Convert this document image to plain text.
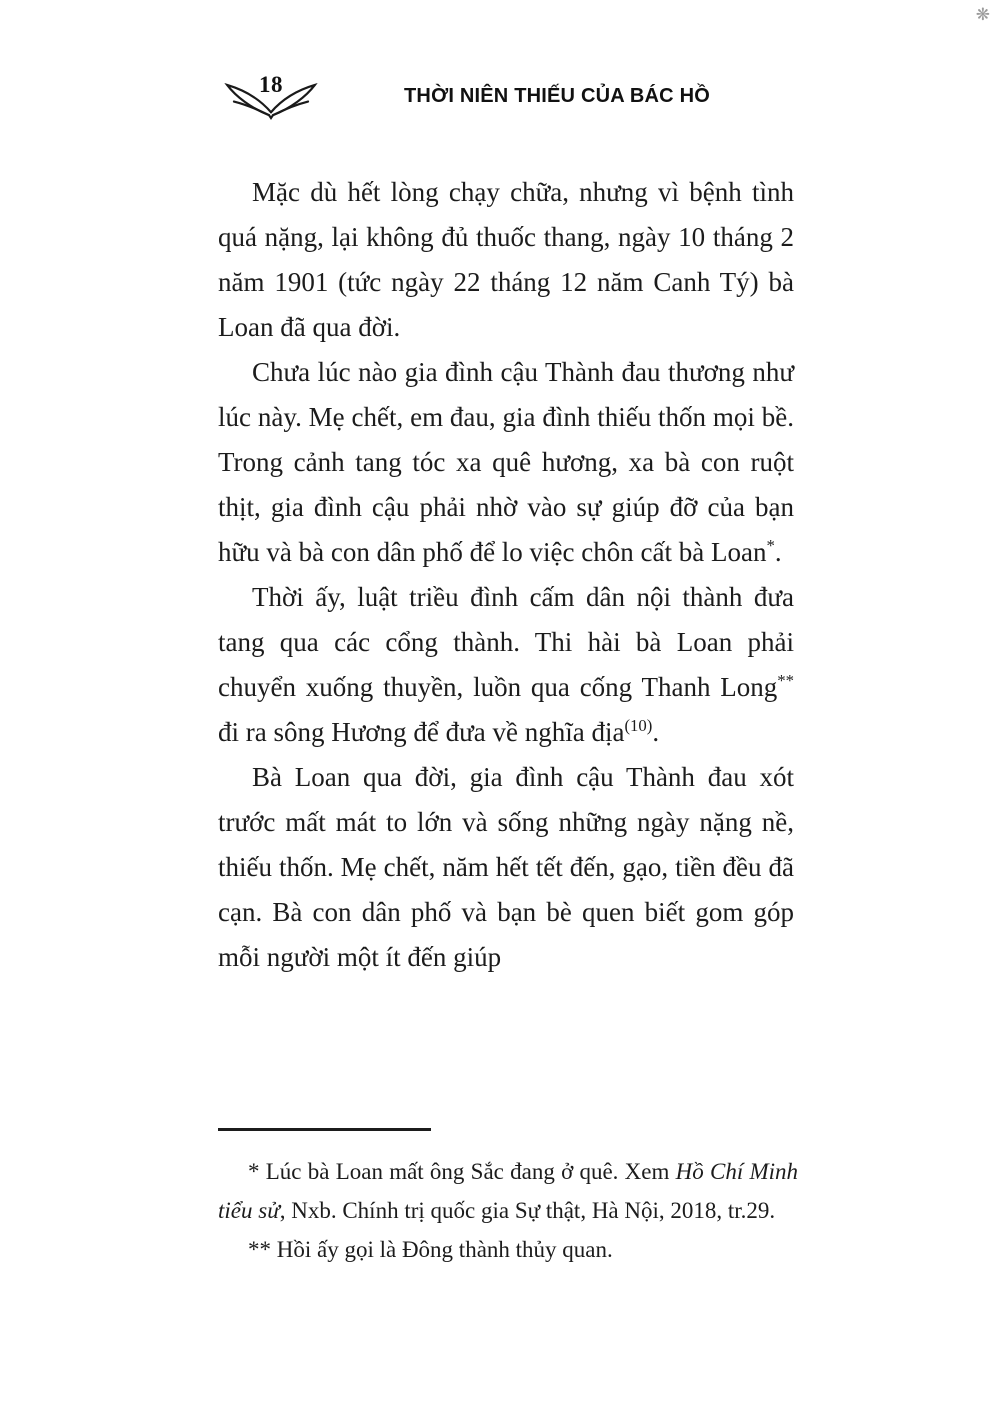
❋
18	THỜI NIÊN THIẾU CỦA BÁC HỒ

Mặc dù hết lòng chạy chữa, nhưng vì bệnh tình quá nặng, lại không đủ thuốc thang, ngày 10 tháng 2 năm 1901 (tức ngày 22 tháng 12 năm Canh Tý) bà Loan đã qua đời.

Chưa lúc nào gia đình cậu Thành đau thương như lúc này. Mẹ chết, em đau, gia đình thiếu thốn mọi bề. Trong cảnh tang tóc xa quê hương, xa bà con ruột thịt, gia đình cậu phải nhờ vào sự giúp đỡ của bạn hữu và bà con dân phố để lo việc chôn cất bà Loan*.

Thời ấy, luật triều đình cấm dân nội thành đưa tang qua các cổng thành. Thi hài bà Loan phải chuyển xuống thuyền, luồn qua cống Thanh Long** đi ra sông Hương để đưa về nghĩa địa$^{(10)}$.

Bà Loan qua đời, gia đình cậu Thành đau xót trước mất mát to lớn và sống những ngày nặng nề, thiếu thốn. Mẹ chết, năm hết tết đến, gạo, tiền đều đã cạn. Bà con dân phố và bạn bè quen biết gom góp mỗi người một ít đến giúp

* Lúc bà Loan mất ông Sắc đang ở quê. Xem Hồ Chí Minh tiểu sử, Nxb. Chính trị quốc gia Sự thật, Hà Nội, 2018, tr.29.

** Hồi ấy gọi là Đông thành thủy quan.
